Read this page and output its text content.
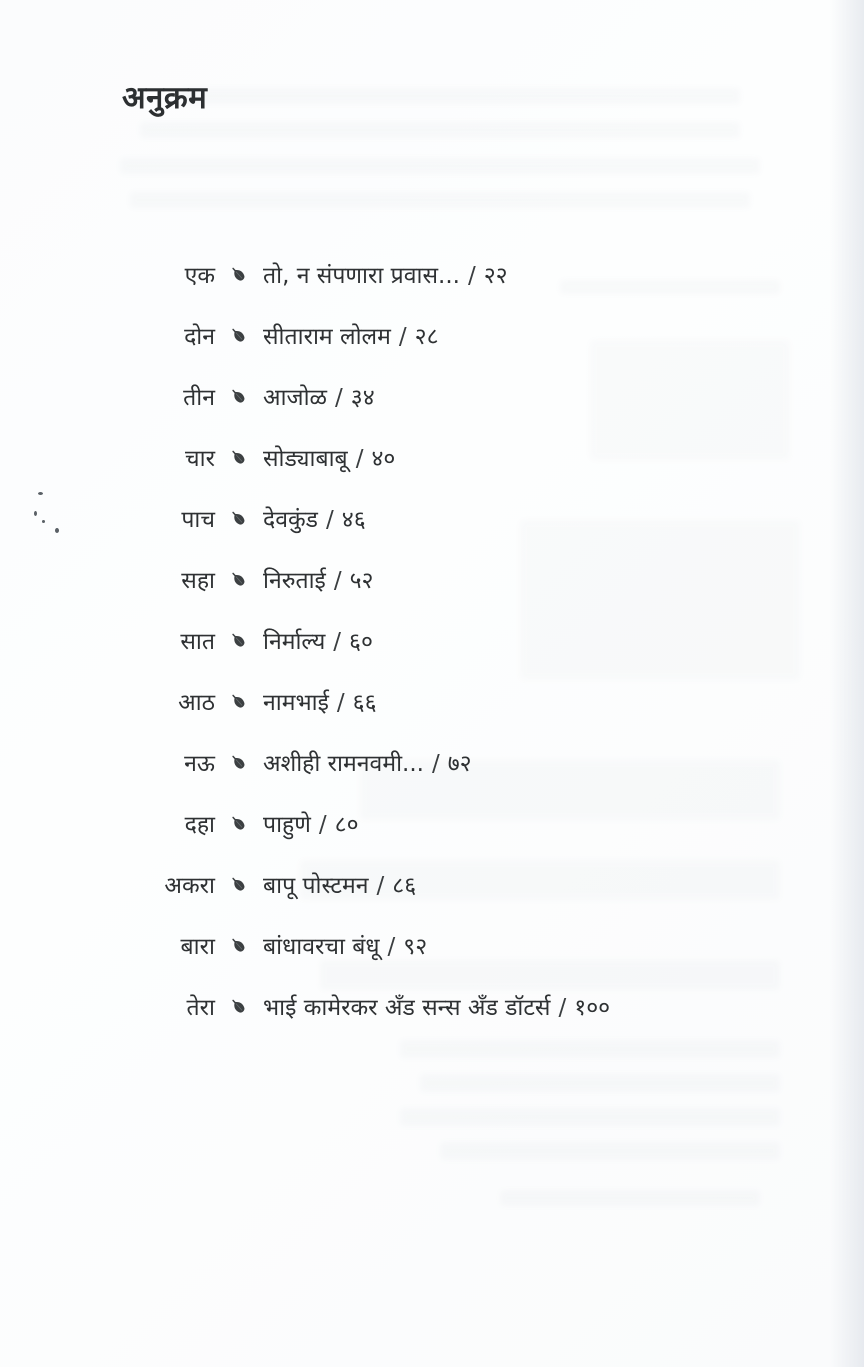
अनुक्रम
एक तो, न संपणारा प्रवास... / २२
दोन सीताराम लोलम / २८
तीन आजोळ / ३४
चार सोड्याबाबू / ४०
पाच देवकुंड / ४६
सहा निरुताई / ५२
सात निर्माल्य / ६०
आठ नामभाई / ६६
नऊ अशीही रामनवमी... / ७२
दहा पाहुणे / ८०
अकरा बापू पोस्टमन / ८६
बारा बांधावरचा बंधू / ९२
तेरा भाई कामेरकर अँड सन्स अँड डॉटर्स / १००
